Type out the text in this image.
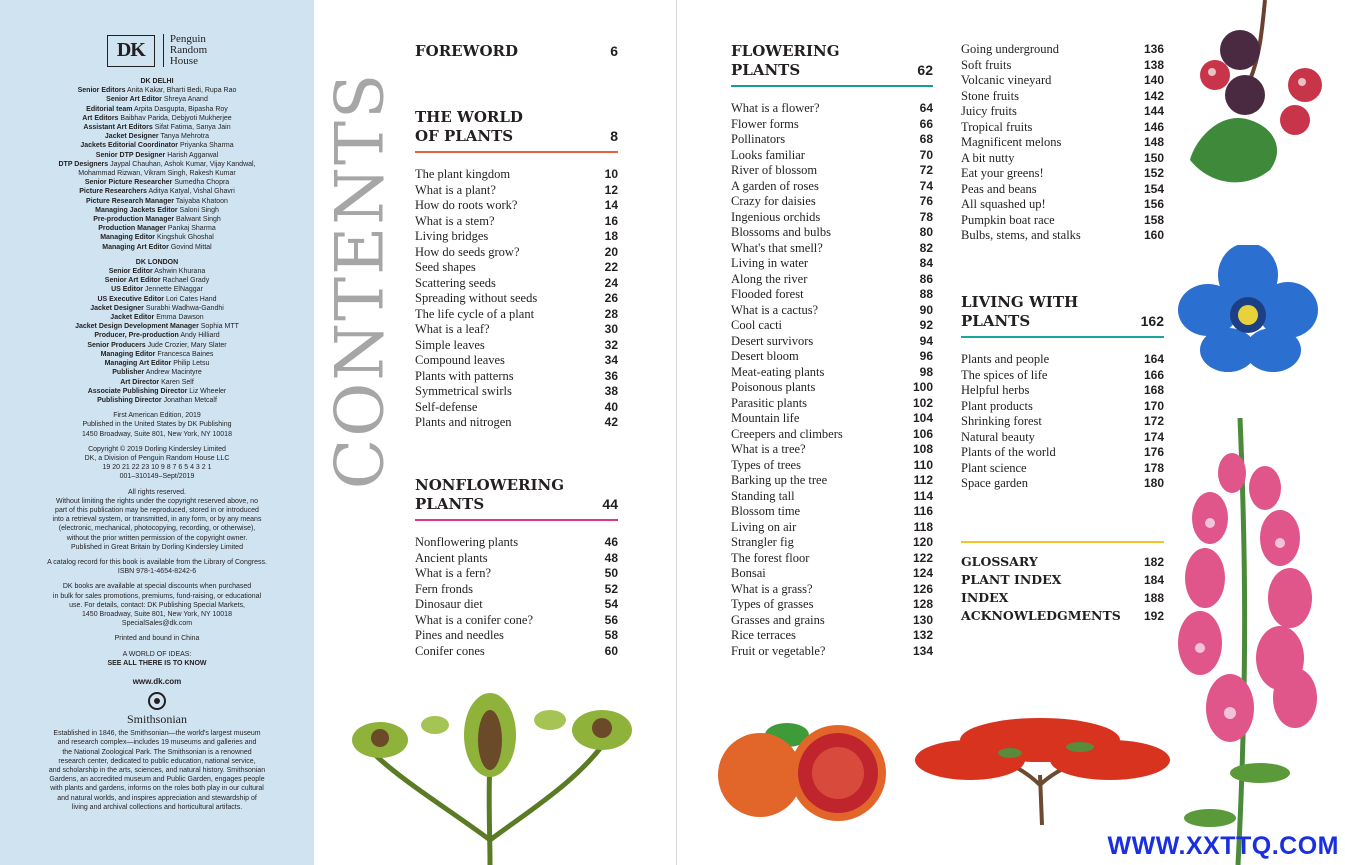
DK	Penguin
Random
House
DK DELHI
Senior Editors Anita Kakar, Bharti Bedi, Rupa Rao
Senior Art Editor Shreya Anand
Editorial team Arpita Dasgupta, Bipasha Roy
Art Editors Baibhav Parida, Debjyoti Mukherjee
Assistant Art Editors Sifat Fatima, Sanya Jain
Jacket Designer Tanya Mehrotra
Jackets Editorial Coordinator Priyanka Sharma
Senior DTP Designer Harish Aggarwal
DTP Designers Jaypal Chauhan, Ashok Kumar, Vijay Kandwal,
Mohammad Rizwan, Vikram Singh, Rakesh Kumar
Senior Picture Researcher Sumedha Chopra
Picture Researchers Aditya Katyal, Vishal Ghavri
Picture Research Manager Taiyaba Khatoon
Managing Jackets Editor Saloni Singh
Pre-production Manager Balwant Singh
Production Manager Pankaj Sharma
Managing Editor Kingshuk Ghoshal
Managing Art Editor Govind Mittal
DK LONDON
Senior Editor Ashwin Khurana
Senior Art Editor Rachael Grady
US Editor Jennette ElNaggar
US Executive Editor Lori Cates Hand
Jacket Designer Surabhi Wadhwa-Gandhi
Jacket Editor Emma Dawson
Jacket Design Development Manager Sophia MTT
Producer, Pre-production Andy Hilliard
Senior Producers Jude Crozier, Mary Slater
Managing Editor Francesca Baines
Managing Art Editor Philip Letsu
Publisher Andrew Macintyre
Art Director Karen Self
Associate Publishing Director Liz Wheeler
Publishing Director Jonathan Metcalf
First American Edition, 2019
Published in the United States by DK Publishing
1450 Broadway, Suite 801, New York, NY 10018
Copyright © 2019 Dorling Kindersley Limited
DK, a Division of Penguin Random House LLC
19 20 21 22 23 10 9 8 7 6 5 4 3 2 1
001–310149–Sept/2019
All rights reserved.
Without limiting the rights under the copyright reserved above, no
part of this publication may be reproduced, stored in or introduced
into a retrieval system, or transmitted, in any form, or by any means
(electronic, mechanical, photocopying, recording, or otherwise),
without the prior written permission of the copyright owner.
Published in Great Britain by Dorling Kindersley Limited
A catalog record for this book is available from the Library of Congress.
ISBN 978-1-4654-8242-6
DK books are available at special discounts when purchased
in bulk for sales promotions, premiums, fund-raising, or educational
use. For details, contact: DK Publishing Special Markets,
1450 Broadway, Suite 801, New York, NY 10018
SpecialSales@dk.com
Printed and bound in China
A WORLD OF IDEAS:
SEE ALL THERE IS TO KNOW
www.dk.com
Smithsonian
Established in 1846, the Smithsonian—the world's largest museum
and research complex—includes 19 museums and galleries and
the National Zoological Park. The Smithsonian is a renowned
research center, dedicated to public education, national service,
and scholarship in the arts, sciences, and natural history. Smithsonian
Gardens, an accredited museum and Public Garden, engages people
with plants and gardens, informs on the roles both play in our cultural
and natural worlds, and inspires appreciation and stewardship of
living and archival collections and horticultural artifacts.
CONTENTS
FOREWORD	6
THE WORLD
OF PLANTS	8
The plant kingdom	10
What is a plant?	12
How do roots work?	14
What is a stem?	16
Living bridges	18
How do seeds grow?	20
Seed shapes	22
Scattering seeds	24
Spreading without seeds	26
The life cycle of a plant	28
What is a leaf?	30
Simple leaves	32
Compound leaves	34
Plants with patterns	36
Symmetrical swirls	38
Self-defense	40
Plants and nitrogen	42
NONFLOWERING
PLANTS	44
Nonflowering plants	46
Ancient plants	48
What is a fern?	50
Fern fronds	52
Dinosaur diet	54
What is a conifer cone?	56
Pines and needles	58
Conifer cones	60
FLOWERING
PLANTS	62
What is a flower?	64
Flower forms	66
Pollinators	68
Looks familiar	70
River of blossom	72
A garden of roses	74
Crazy for daisies	76
Ingenious orchids	78
Blossoms and bulbs	80
What's that smell?	82
Living in water	84
Along the river	86
Flooded forest	88
What is a cactus?	90
Cool cacti	92
Desert survivors	94
Desert bloom	96
Meat-eating plants	98
Poisonous plants	100
Parasitic plants	102
Mountain life	104
Creepers and climbers	106
What is a tree?	108
Types of trees	110
Barking up the tree	112
Standing tall	114
Blossom time	116
Living on air	118
Strangler fig	120
The forest floor	122
Bonsai	124
What is a grass?	126
Types of grasses	128
Grasses and grains	130
Rice terraces	132
Fruit or vegetable?	134
Going underground	136
Soft fruits	138
Volcanic vineyard	140
Stone fruits	142
Juicy fruits	144
Tropical fruits	146
Magnificent melons	148
A bit nutty	150
Eat your greens!	152
Peas and beans	154
All squashed up!	156
Pumpkin boat race	158
Bulbs, stems, and stalks	160
LIVING WITH
PLANTS	162
Plants and people	164
The spices of life	166
Helpful herbs	168
Plant products	170
Shrinking forest	172
Natural beauty	174
Plants of the world	176
Plant science	178
Space garden	180
GLOSSARY	182
PLANT INDEX	184
INDEX	188
ACKNOWLEDGMENTS 192
WWW.XXTTQ.COM
